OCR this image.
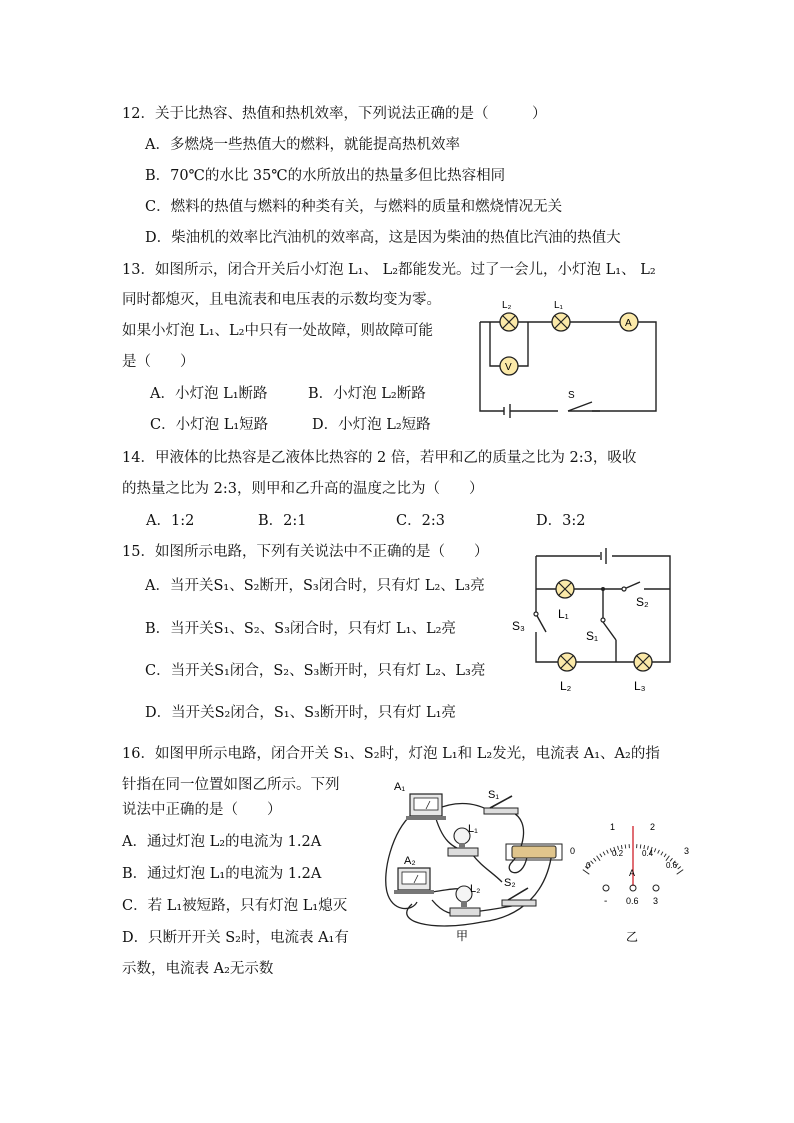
12．关于比热容、热值和热机效率，下列说法正确的是（　　　）
A．多燃烧一些热值大的燃料，就能提高热机效率
B．70℃的水比 35℃的水所放出的热量多但比热容相同
C．燃料的热值与燃料的种类有关，与燃料的质量和燃烧情况无关
D．柴油机的效率比汽油机的效率高，这是因为柴油的热值比汽油的热值大
13．如图所示，闭合开关后小灯泡 L₁、 L₂都能发光。过了一会儿，小灯泡 L₁、 L₂
同时都熄灭，且电流表和电压表的示数均变为零。
如果小灯泡 L₁、L₂中只有一处故障，则故障可能
是（　　）
A．小灯泡 L₁断路	B．小灯泡 L₂断路
C．小灯泡 L₁短路	D．小灯泡 L₂短路
L₂	L₁
A
V
S
14．甲液体的比热容是乙液体比热容的 2 倍，若甲和乙的质量之比为 2:3，吸收
的热量之比为 2:3，则甲和乙升高的温度之比为（　　）
A．1:2	B．2:1	C．2:3	D．3:2
15．如图所示电路，下列有关说法中不正确的是（　　）
A．当开关S₁、S₂断开，S₃闭合时，只有灯 L₂、L₃亮
B．当开关S₁、S₂、S₃闭合时，只有灯 L₁、L₂亮
C．当开关S₁闭合，S₂、S₃断开时，只有灯 L₂、L₃亮
D．当开关S₂闭合，S₁、S₃断开时，只有灯 L₁亮
L₁
L₂	L₃
S₁
S₂
S₃
16．如图甲所示电路，闭合开关 S₁、S₂时，灯泡 L₁和 L₂发光，电流表 A₁、A₂的指
针指在同一位置如图乙所示。下列
说法中正确的是（　　）
A．通过灯泡 L₂的电流为 1.2A
B．通过灯泡 L₁的电流为 1.2A
C．若 L₁被短路，只有灯泡 L₁熄灭
D．只断开开关 S₂时，电流表 A₁有
示数，电流表 A₂无示数
A₁
A₂
S₁
S₂
L₁
L₂
甲
0
1	2
3
0
0.2 0.4
0.6
A
- 0.6 3
乙
